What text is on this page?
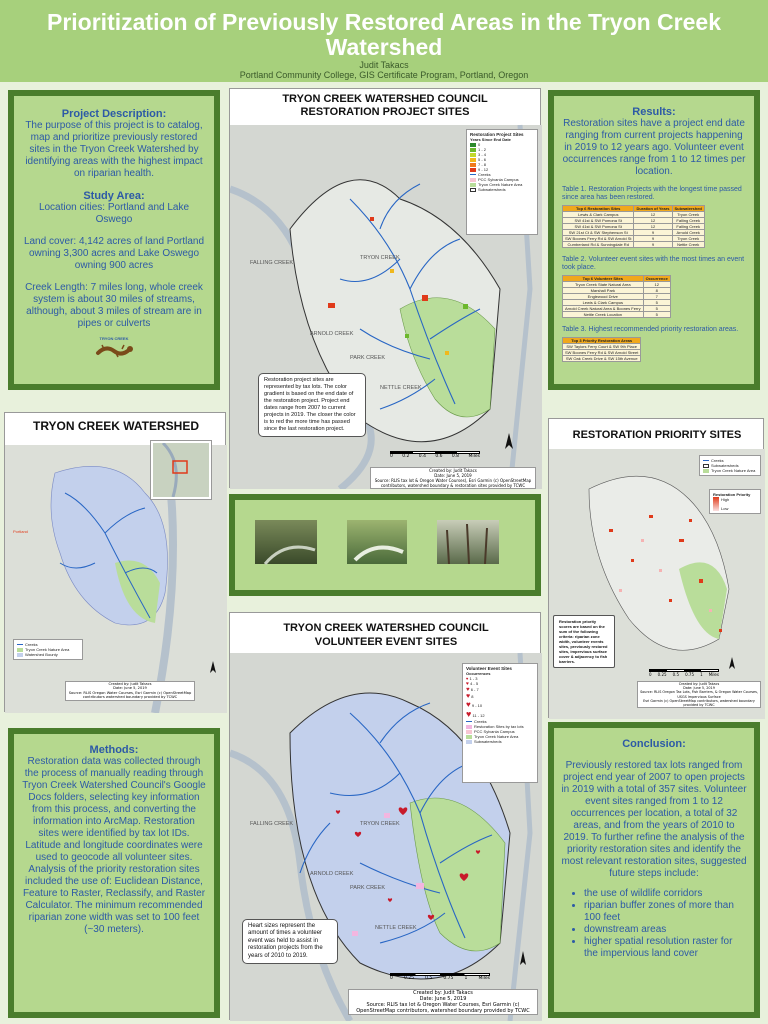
Prioritization of Previously Restored Areas in the Tryon Creek
Watershed
Judit Takacs
Portland Community College, GIS Certificate Program, Portland, Oregon
Project Description:

The purpose of this project is to catalog, map and prioritize previously restored sites in the Tryon Creek Watershed by identifying areas with the highest impact on riparian health.

Study Area:

Location cities: Portland and Lake Oswego

Land cover: 4,142 acres of land Portland owning 3,300 acres and Lake Oswego owning 900 acres

Creek Length: 7 miles long, whole creek system is about 30 miles of streams, although, about 3 miles of stream are in pipes or culverts

TRYON CREEK
TRYON CREEK WATERSHED COUNCIL
RESTORATION PROJECT SITES
FALLING CREEK
TRYON CREEK
ARNOLD CREEK
PARK CREEK
NETTLE CREEK
Restoration Project Sites
Years Since End Date
0
1 - 2
3 - 4
5 - 6
7 - 8
9 - 12
Creeks
PCC Sylvania Campus
Tryon Creek Nature Area
Subwatersheds
Restoration project sites are represented by tax lots. The color gradient is based on the end date of the restoration project. Project end dates range from 2007 to current projects in 2019. The closer the color is to red the more time has passed since the last restoration project.
0 0.2 0.4 0.6 0.8 Miles
Created by: Judit Takacs
Date: June 5, 2019
Source: RLIS tax lot & Oregon Water Courses), Esri Garmin (c) OpenStreetMap
contributors, watershed boundary & restoration sites provided by TCWC
Results:

Restoration sites have a project end date ranging from current projects happening in 2019 to 12 years ago. Volunteer event occurrences range from 1 to 12 times per location.

Table 1. Restoration Projects with the longest time passed since area has been restored.

Top 6 Restoration Sites	Duration of Years	Subwatershed
Lewis & Clark Campus	12	Tryon Creek
SW 41st & SW Pomona St	12	Falling Creek
SW 41st & SW Pomona St	12	Falling Creek
SW 21st Ct & SW Stephenson St	9	Arnold Creek
SW Boones Ferry Rd & SW Arnold St	9	Tryon Creek
Cumberland Rd & Sunningdale Rd	9	Nettle Creek

Table 2. Volunteer event sites with the most times an event took place.

Top 6 Volunteer Sites	Occurrence
Tryon Creek State Natural Area	12
Marshall Park	8
Englewood Drive	7
Lewis & Clark Campus	5
Arnold Creek Natural Area & Boones Ferry	5
Nettle Creek Location	5

Table 3. Highest recommended priority restoration areas.

Top 3 Priority Restoration Areas
SW Taylors Ferry Court & SW 9th Place
SW Boones Ferry Rd & SW Arnold Street
SW Oak Creek Drive & SW 15th Avenue
Portland
TRYON CREEK WATERSHED
Creeks
Tryon Creek Nature Area
Watershed Bounty
Created by: Judit Takacs
Date: June 5, 2019
Source: RLIS Oregon Water Courses, Esri Garmin (c) OpenStreetMap
contributors watershed boundary provided by TCWC
RESTORATION PRIORITY SITES
Creeks
Subwatersheds
Tryon Creek Nature Area
Restoration Priority
High
Low
Restoration priority scores are based on the sum of the following criteria: riparian zone width, volunteer events sites, previously restored sites, impervious surface cover & adjacency to fish barriers.
0 0.25 0.5 0.75 1 Miles
Created by: Judit Takacs
Date: June 5, 2019
Source: RLIS Oregon Tax Lots, Fish Barriers, & Oregon Water Courses, USGS Impervious Surface
Esri Garmin (c) OpenStreetMap contributors, watershed boundary provided by TCWC
FALLING CREEK	TRYON CREEK
ARNOLD CREEK
PARK CREEK
NETTLE CREEK
TRYON CREEK WATERSHED COUNCIL
VOLUNTEER EVENT SITES
Volunteer Event Sites
Occurrences
♥ 1 - 3
♥ 4 - 5
♥ 6 - 7
♥ 8
♥ 9 - 10
♥ 11 - 12
Creeks
Restoration Sites by tax lots
PCC Sylvania Campus
Tryon Creek Nature Area
Subwatersheds
Heart sizes represent the amount of times a volunteer event was held to assist in restoration projects from the years of 2010 to 2019.
0 0.25 0.5 0.75 1 Miles
Created by: Judit Takacs
Date: June 5, 2019
Source: RLIS tax lot & Oregon Water Courses, Esri Garmin (c)
OpenStreetMap contributors, watershed boundary provided by TCWC
Methods:

Restoration data was collected through the process of manually reading through Tryon Creek Watershed Council's Google Docs folders, selecting key information from this process, and converting the information into ArcMap. Restoration sites were identified by tax lot IDs. Latitude and longitude coordinates were used to geocode all volunteer sites.

Analysis of the priority restoration sites included the use of: Euclidean Distance, Feature to Raster, Reclassify, and Raster Calculator. The minimum recommended riparian zone width was set to 100 feet (~30 meters).

Conclusion:

Previously restored tax lots ranged from project end year of 2007 to open projects in 2019 with a total of 357 sites. Volunteer event sites ranged from 1 to 12 occurrences per location, a total of 32 areas, and from the years of 2010 to 2019. To further refine the analysis of the priority restoration sites and identify the most relevant restoration sites, suggested future steps include:

• the use of wildlife corridors
• riparian buffer zones of more than 100 feet
• downstream areas
• higher spatial resolution raster for the impervious land cover
